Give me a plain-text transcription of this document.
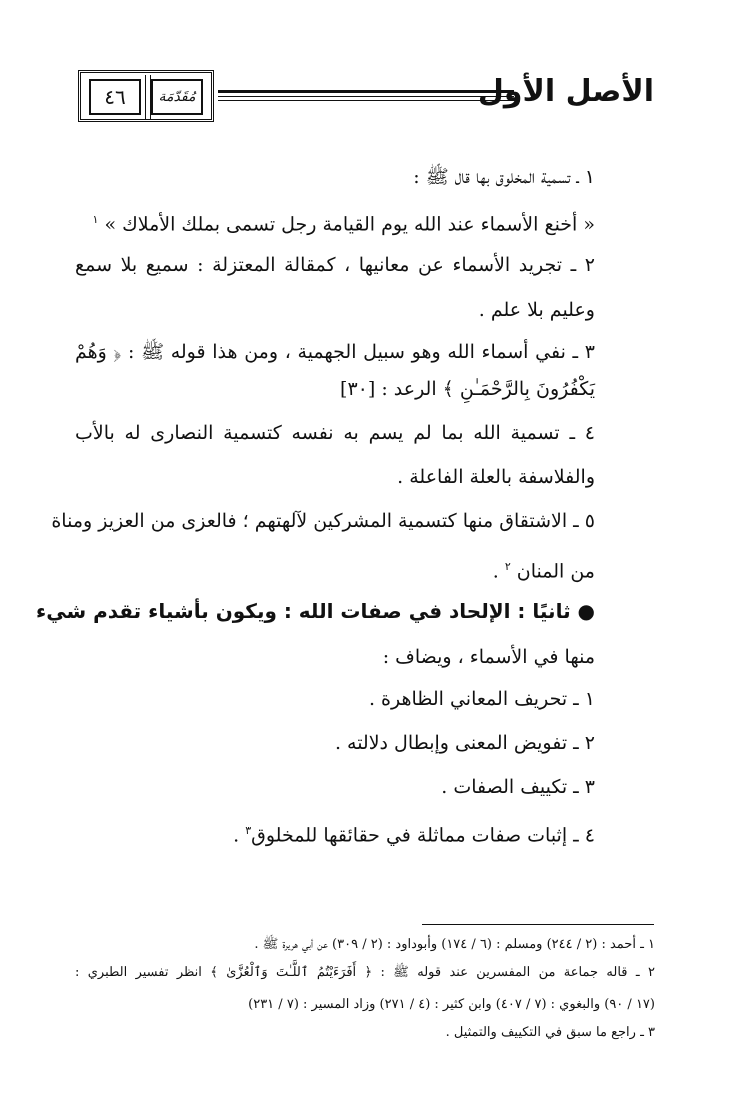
٤٦	مُقَدّمَة	الأصل الأول
١ ـ تسمية المخلوق بها قال ﷺ :
« أخنع الأسماء عند الله يوم القيامة رجل تسمى بملك الأملاك » $^١$
٢ ـ تجريد الأسماء عن معانيها ، كمقالة المعتزلة : سميع بلا سمع
وعليم بلا علم .
٣ ـ نفي أسماء الله وهو سبيل الجهمية ، ومن هذا قوله ﷺ : ﴿ وَهُمْ
يَكْفُرُونَ بِالرَّحْمَـٰنِ ﴾ الرعد : [٣٠]
٤ ـ تسمية الله بما لم يسم به نفسه كتسمية النصارى له بالأب
والفلاسفة بالعلة الفاعلة .
٥ ـ الاشتقاق منها كتسمية المشركين لآلهتهم ؛ فالعزى من العزيز ومناة
من المنان $^٢$ .
● ثانيًا : الإلحاد في صفات الله : ويكون بأشياء تقدم شيء
منها في الأسماء ، ويضاف :
١ ـ تحريف المعاني الظاهرة .
٢ ـ تفويض المعنى وإبطال دلالته .
٣ ـ تكييف الصفات .
٤ ـ إثبات صفات مماثلة في حقائقها للمخلوق$^٣$ .
١ ـ أحمد : (٢ / ٢٤٤) ومسلم : (٦ / ١٧٤) وأبوداود : (٢ / ٣٠٩) عن أبي هريرة ﷺ .
٢ ـ قاله جماعة من المفسرين عند قوله ﷺ : ﴿ أَفَرَءَيْتُمُ ٱللَّـٰتَ وَٱلْعُزَّىٰ ﴾ انظر تفسير الطبري :
(١٧ / ٩٠) والبغوي : (٧ / ٤٠٧) وابن كثير : (٤ / ٢٧١) وزاد المسير : (٧ / ٢٣١)
٣ ـ راجع ما سبق في التكييف والتمثيل .
